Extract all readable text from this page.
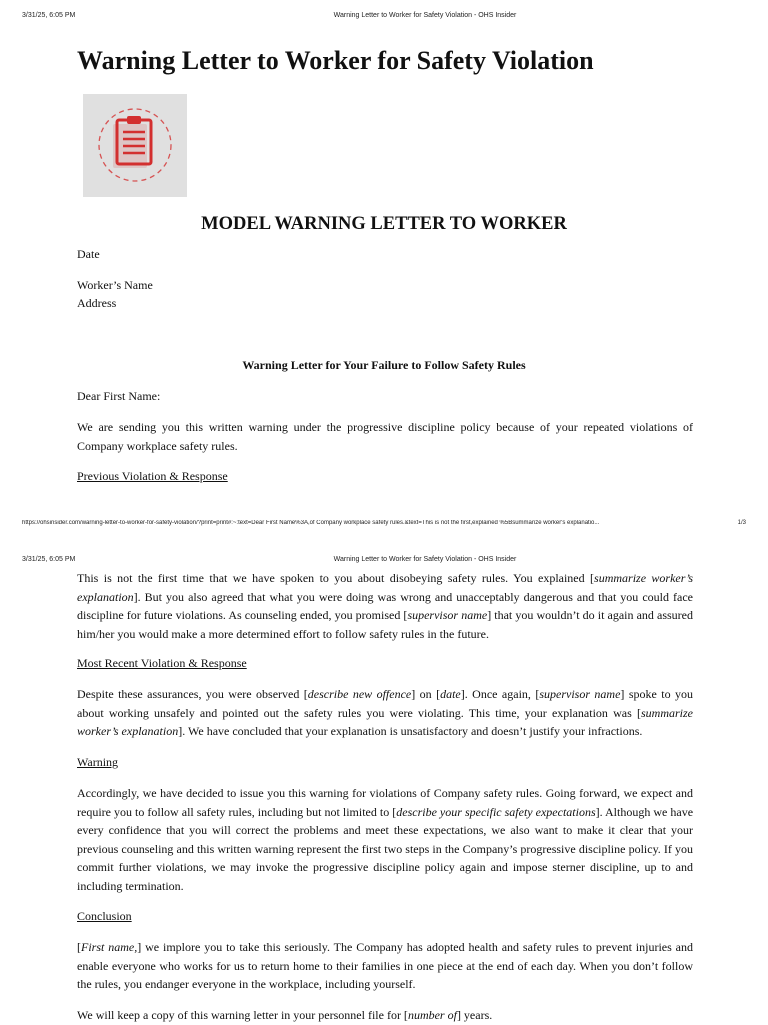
3/31/25, 6:05 PM	Warning Letter to Worker for Safety Violation - OHS Insider
Warning Letter to Worker for Safety Violation
MODEL WARNING LETTER TO WORKER
Date
Worker’s Name
Address
Warning Letter for Your Failure to Follow Safety Rules
Dear First Name:

We are sending you this written warning under the progressive discipline policy because of your repeated violations of Company workplace safety rules.

Previous Violation & Response
https://ohsinsider.com/warning-letter-to-worker-for-safety-violation/?print=print#:~:text=Dear First Name%3A,of Company workplace safety rules.&text=This is not the first,explained %5Bsummarize worker's explanatio...	1/3
3/31/25, 6:05 PM	Warning Letter to Worker for Safety Violation - OHS Insider

This is not the first time that we have spoken to you about disobeying safety rules. You explained [summarize worker’s explanation]. But you also agreed that what you were doing was wrong and unacceptably dangerous and that you could face discipline for future violations. As counseling ended, you promised [supervisor name] that you wouldn’t do it again and assured him/her you would make a more determined effort to follow safety rules in the future.

Most Recent Violation & Response

Despite these assurances, you were observed [describe new offence] on [date]. Once again, [supervisor name] spoke to you about working unsafely and pointed out the safety rules you were violating. This time, your explanation was [summarize worker’s explanation]. We have concluded that your explanation is unsatisfactory and doesn’t justify your infractions.

Warning

Accordingly, we have decided to issue you this warning for violations of Company safety rules. Going forward, we expect and require you to follow all safety rules, including but not limited to [describe your specific safety expectations]. Although we have every confidence that you will correct the problems and meet these expectations, we also want to make it clear that your previous counseling and this written warning represent the first two steps in the Company’s progressive discipline policy. If you commit further violations, we may invoke the progressive discipline policy again and impose sterner discipline, up to and including termination.

Conclusion

[First name,] we implore you to take this seriously. The Company has adopted health and safety rules to prevent injuries and enable everyone who works for us to return home to their families in one piece at the end of each day. When you don’t follow the rules, you endanger everyone in the workplace, including yourself.

We will keep a copy of this warning letter in your personnel file for [number of] years.
